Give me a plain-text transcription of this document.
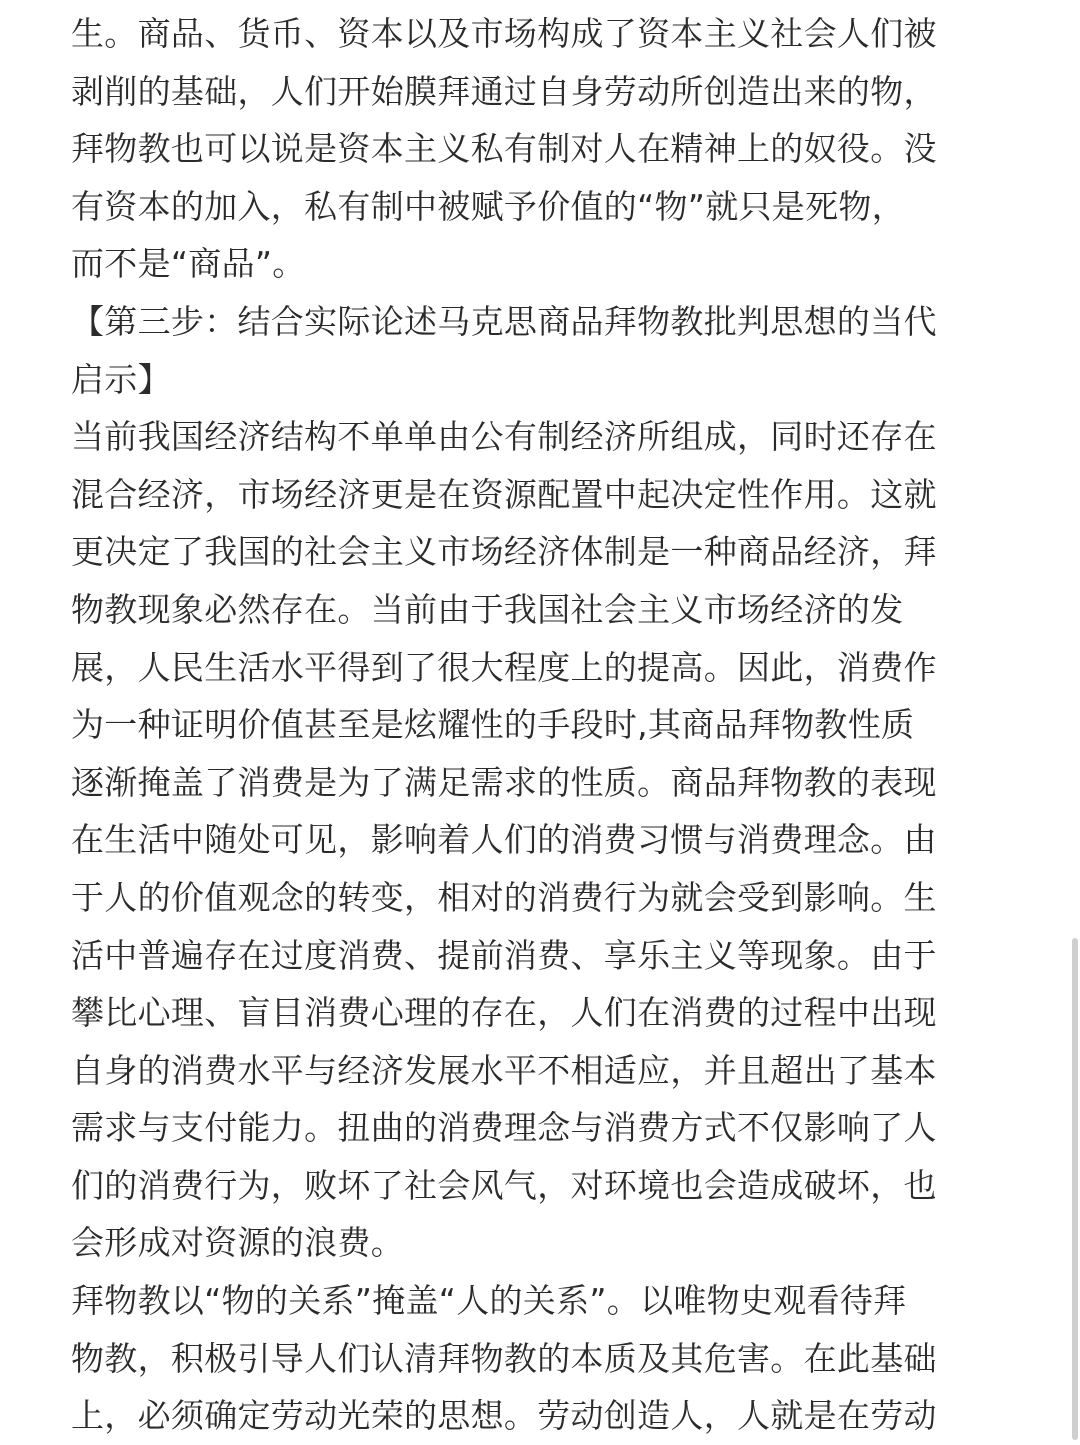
生。商品、货币、资本以及市场构成了资本主义社会人们被
剥削的基础，人们开始膜拜通过自身劳动所创造出来的物，
拜物教也可以说是资本主义私有制对人在精神上的奴役。没
有资本的加入，私有制中被赋予价值的“物”就只是死物，
而不是“商品”。
【第三步：结合实际论述马克思商品拜物教批判思想的当代
启示】
当前我国经济结构不单单由公有制经济所组成，同时还存在
混合经济，市场经济更是在资源配置中起决定性作用。这就
更决定了我国的社会主义市场经济体制是一种商品经济，拜
物教现象必然存在。当前由于我国社会主义市场经济的发
展，人民生活水平得到了很大程度上的提高。因此，消费作
为一种证明价值甚至是炫耀性的手段时,其商品拜物教性质
逐渐掩盖了消费是为了满足需求的性质。商品拜物教的表现
在生活中随处可见，影响着人们的消费习惯与消费理念。由
于人的价值观念的转变，相对的消费行为就会受到影响。生
活中普遍存在过度消费、提前消费、享乐主义等现象。由于
攀比心理、盲目消费心理的存在，人们在消费的过程中出现
自身的消费水平与经济发展水平不相适应，并且超出了基本
需求与支付能力。扭曲的消费理念与消费方式不仅影响了人
们的消费行为，败坏了社会风气，对环境也会造成破坏，也
会形成对资源的浪费。
拜物教以“物的关系”掩盖“人的关系”。以唯物史观看待拜
物教，积极引导人们认清拜物教的本质及其危害。在此基础
上，必须确定劳动光荣的思想。劳动创造人，人就是在劳动
